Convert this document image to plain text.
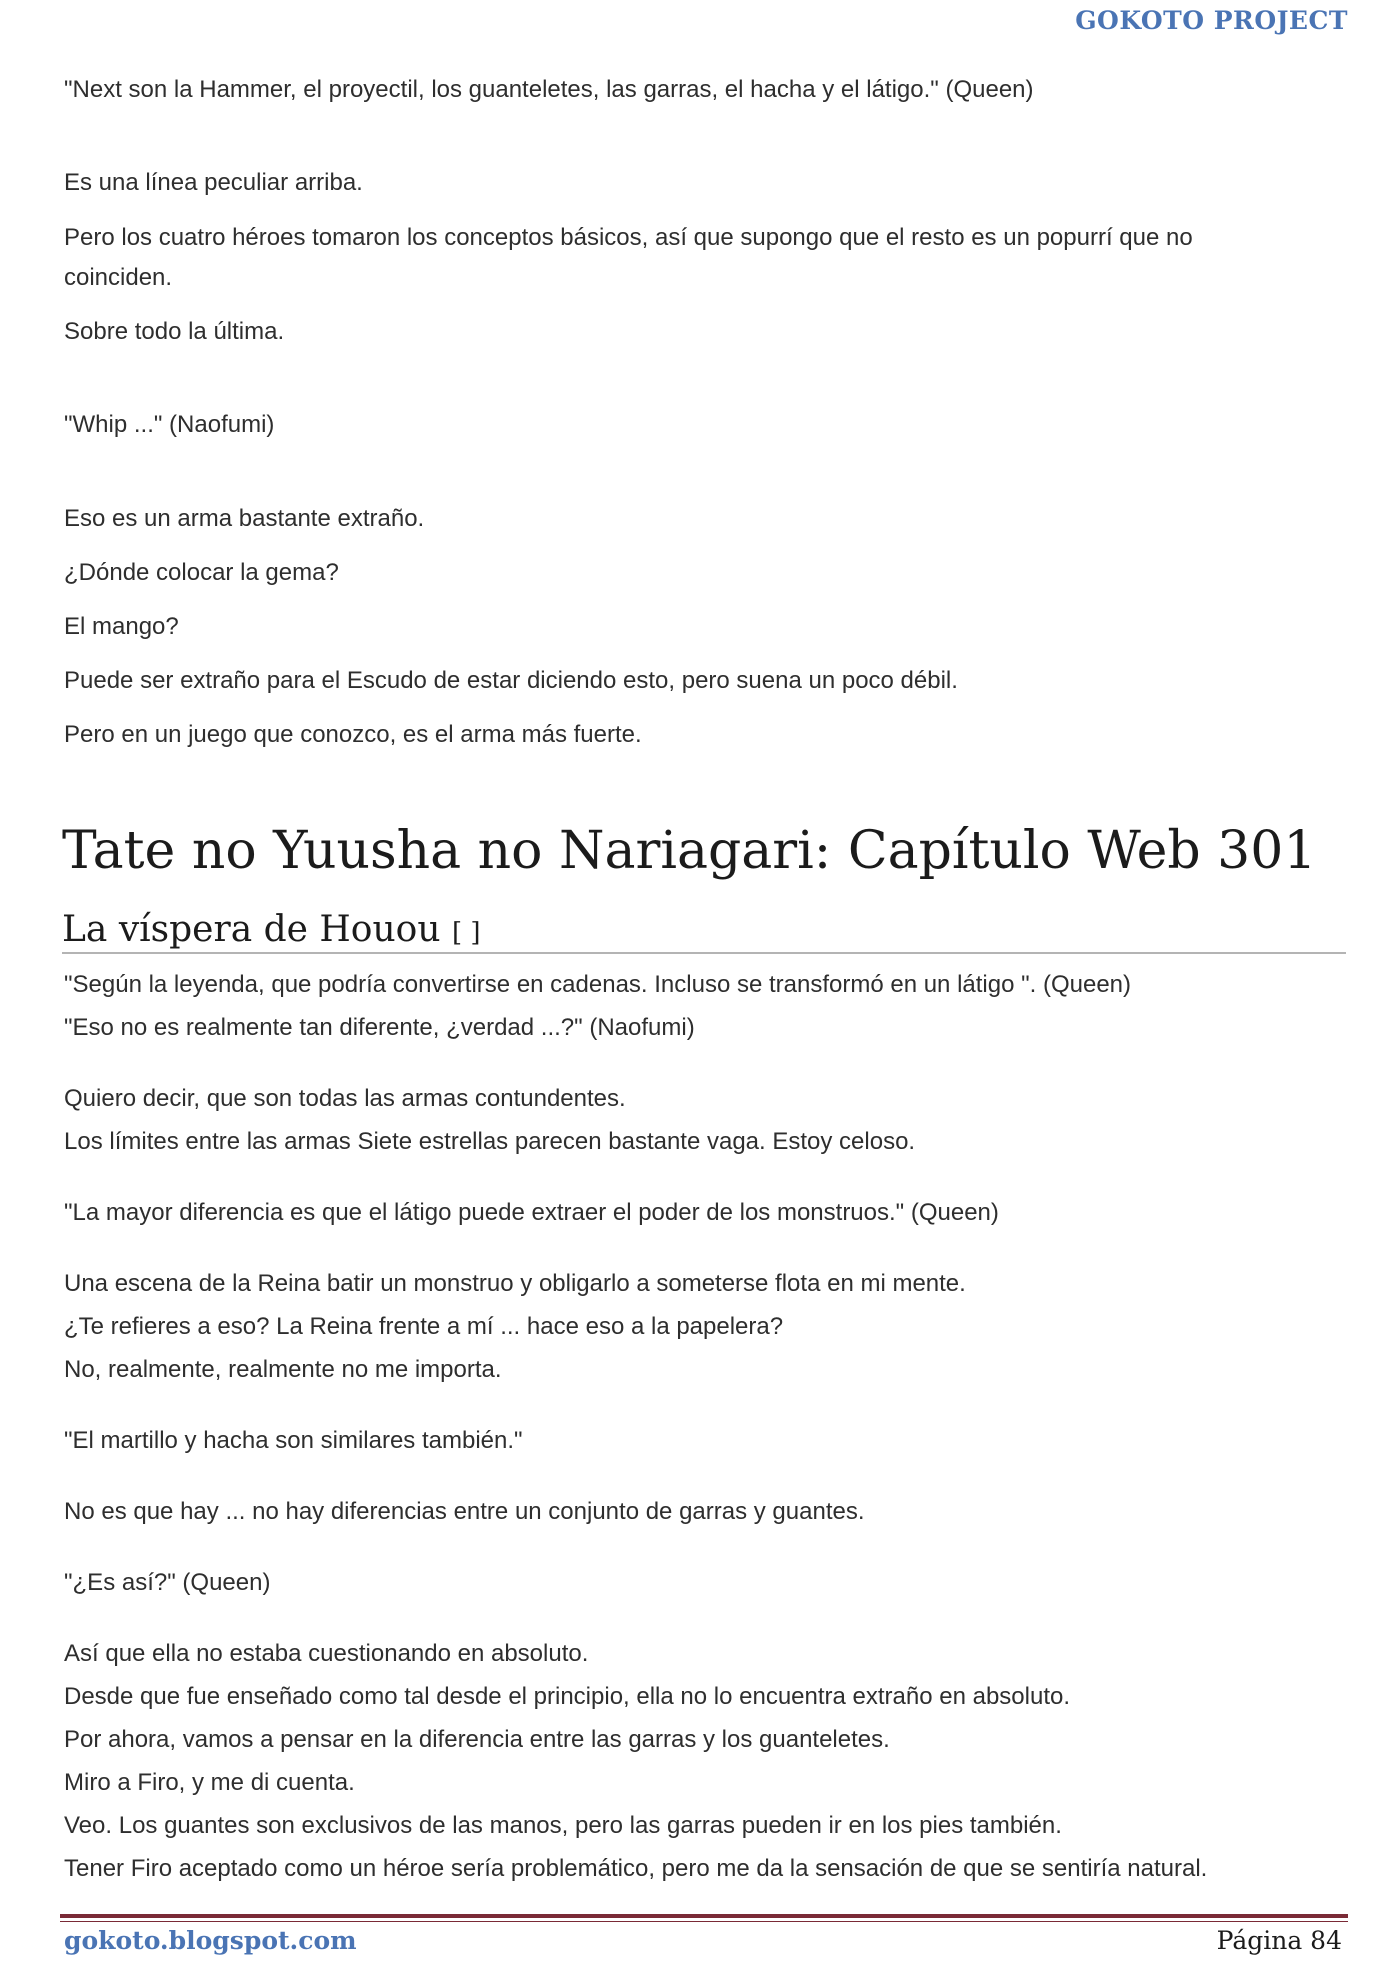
GOKOTO PROJECT

"Next son la Hammer, el proyectil, los guanteletes, las garras, el hacha y el látigo." (Queen)

Es una línea peculiar arriba.

Pero los cuatro héroes tomaron los conceptos básicos, así que supongo que el resto es un popurrí que no coinciden.

Sobre todo la última.

"Whip ..." (Naofumi)

Eso es un arma bastante extraño.

¿Dónde colocar la gema?

El mango?

Puede ser extraño para el Escudo de estar diciendo esto, pero suena un poco débil.

Pero en un juego que conozco, es el arma más fuerte.

Tate no Yuusha no Nariagari: Capítulo Web 301
La víspera de Houou [ ]

"Según la leyenda, que podría convertirse en cadenas. Incluso se transformó en un látigo ". (Queen)

"Eso no es realmente tan diferente, ¿verdad ...?" (Naofumi)

Quiero decir, que son todas las armas contundentes.

Los límites entre las armas Siete estrellas parecen bastante vaga. Estoy celoso.

"La mayor diferencia es que el látigo puede extraer el poder de los monstruos." (Queen)

Una escena de la Reina batir un monstruo y obligarlo a someterse flota en mi mente.

¿Te refieres a eso? La Reina frente a mí ... hace eso a la papelera?

No, realmente, realmente no me importa.

"El martillo y hacha son similares también."

No es que hay ... no hay diferencias entre un conjunto de garras y guantes.

"¿Es así?" (Queen)

Así que ella no estaba cuestionando en absoluto.

Desde que fue enseñado como tal desde el principio, ella no lo encuentra extraño en absoluto.

Por ahora, vamos a pensar en la diferencia entre las garras y los guanteletes.

Miro a Firo, y me di cuenta.

Veo. Los guantes son exclusivos de las manos, pero las garras pueden ir en los pies también.

Tener Firo aceptado como un héroe sería problemático, pero me da la sensación de que se sentiría natural.

gokoto.blogspot.com	Página 84
